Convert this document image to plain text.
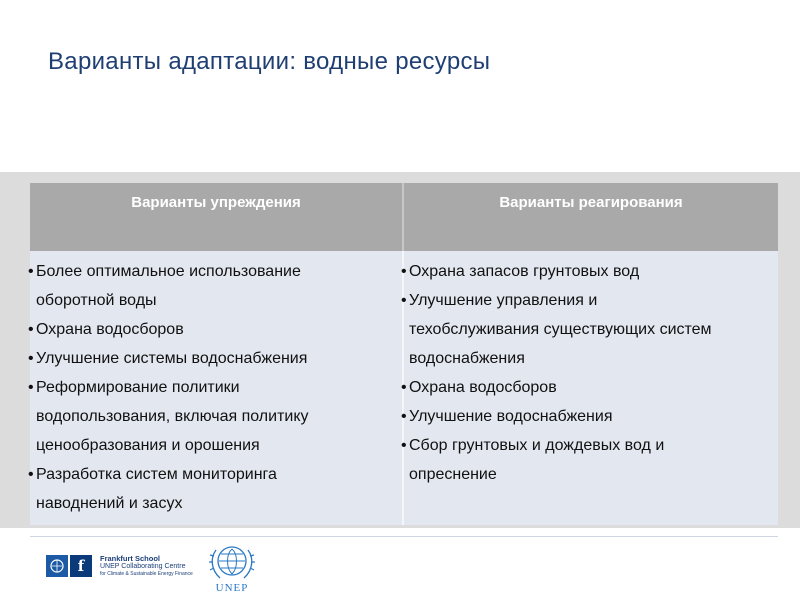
Варианты адаптации: водные ресурсы
Варианты упреждения	Варианты реагирования
• Более оптимальное использование
оборотной воды
• Охрана водосборов
• Улучшение системы водоснабжения
• Реформирование политики
водопользования, включая политику
ценообразования и орошения
• Разработка систем мониторинга
наводнений и засух
• Охрана запасов грунтовых вод
• Улучшение управления и
техобслуживания существующих систем
водоснабжения
• Охрана водосборов
• Улучшение водоснабжения
• Сбор грунтовых и дождевых вод и
опреснение
f	Frankfurt School
UNEP Collaborating Centre
for Climate & Sustainable Energy Finance
UNEP
